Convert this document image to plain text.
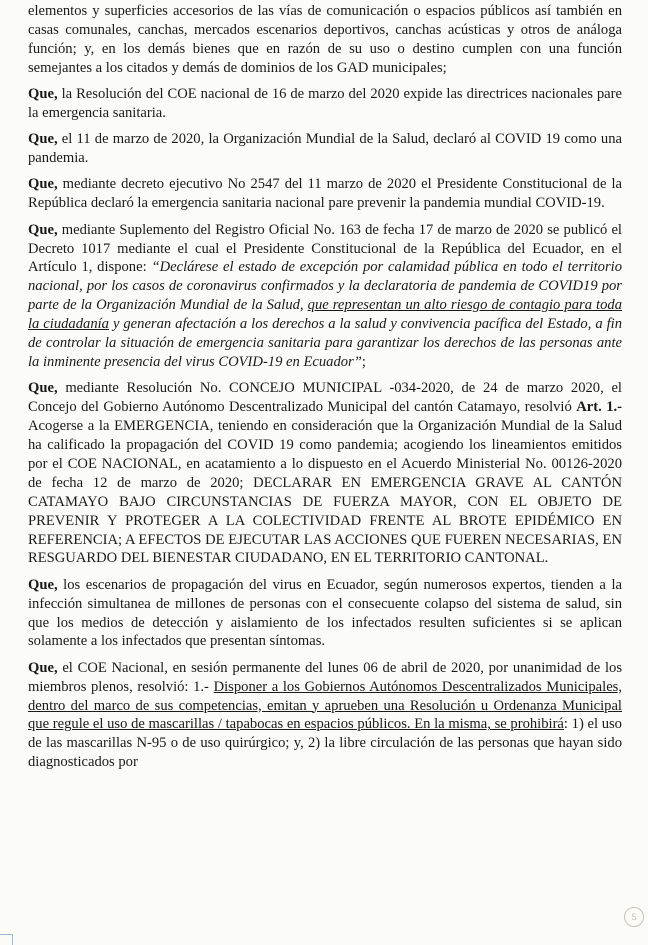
elementos y superficies accesorios de las vías de comunicación o espacios públicos así también en casas comunales, canchas, mercados escenarios deportivos, canchas acústicas y otros de análoga función; y, en los demás bienes que en razón de su uso o destino cumplen con una función semejantes a los citados y demás de dominios de los GAD municipales;

Que, la Resolución del COE nacional de 16 de marzo del 2020 expide las directrices nacionales pare la emergencia sanitaria.

Que, el 11 de marzo de 2020, la Organización Mundial de la Salud, declaró al COVID 19 como una pandemia.

Que, mediante decreto ejecutivo No 2547 del 11 marzo de 2020 el Presidente Constitucional de la República declaró la emergencia sanitaria nacional pare prevenir la pandemia mundial COVID-19.

Que, mediante Suplemento del Registro Oficial No. 163 de fecha 17 de marzo de 2020 se publicó el Decreto 1017 mediante el cual el Presidente Constitucional de la República del Ecuador, en el Artículo 1, dispone: “Declárese el estado de excepción por calamidad pública en todo el territorio nacional, por los casos de coronavirus confirmados y la declaratoria de pandemia de COVID19 por parte de la Organización Mundial de la Salud, que representan un alto riesgo de contagio para toda la ciudadanía y generan afectación a los derechos a la salud y convivencia pacífica del Estado, a fin de controlar la situación de emergencia sanitaria para garantizar los derechos de las personas ante la inminente presencia del virus COVID-19 en Ecuador”;

Que, mediante Resolución No. CONCEJO MUNICIPAL -034-2020, de 24 de marzo 2020, el Concejo del Gobierno Autónomo Descentralizado Municipal del cantón Catamayo, resolvió Art. 1.- Acogerse a la EMERGENCIA, teniendo en consideración que la Organización Mundial de la Salud ha calificado la propagación del COVID 19 como pandemia; acogiendo los lineamientos emitidos por el COE NACIONAL, en acatamiento a lo dispuesto en el Acuerdo Ministerial No. 00126-2020 de fecha 12 de marzo de 2020; DECLARAR EN EMERGENCIA GRAVE AL CANTÓN CATAMAYO BAJO CIRCUNSTANCIAS DE FUERZA MAYOR, CON EL OBJETO DE PREVENIR Y PROTEGER A LA COLECTIVIDAD FRENTE AL BROTE EPIDÉMICO EN REFERENCIA; A EFECTOS DE EJECUTAR LAS ACCIONES QUE FUEREN NECESARIAS, EN RESGUARDO DEL BIENESTAR CIUDADANO, EN EL TERRITORIO CANTONAL.

Que, los escenarios de propagación del virus en Ecuador, según numerosos expertos, tienden a la infección simultanea de millones de personas con el consecuente colapso del sistema de salud, sin que los medios de detección y aislamiento de los infectados resulten suficientes si se aplican solamente a los infectados que presentan síntomas.

Que, el COE Nacional, en sesión permanente del lunes 06 de abril de 2020, por unanimidad de los miembros plenos, resolvió: 1.- Disponer a los Gobiernos Autónomos Descentralizados Municipales, dentro del marco de sus competencias, emitan y aprueben una Resolución u Ordenanza Municipal que regule el uso de mascarillas / tapabocas en espacios públicos. En la misma, se prohibirá: 1) el uso de las mascarillas N-95 o de uso quirúrgico; y, 2) la libre circulación de las personas que hayan sido diagnosticados por

5
